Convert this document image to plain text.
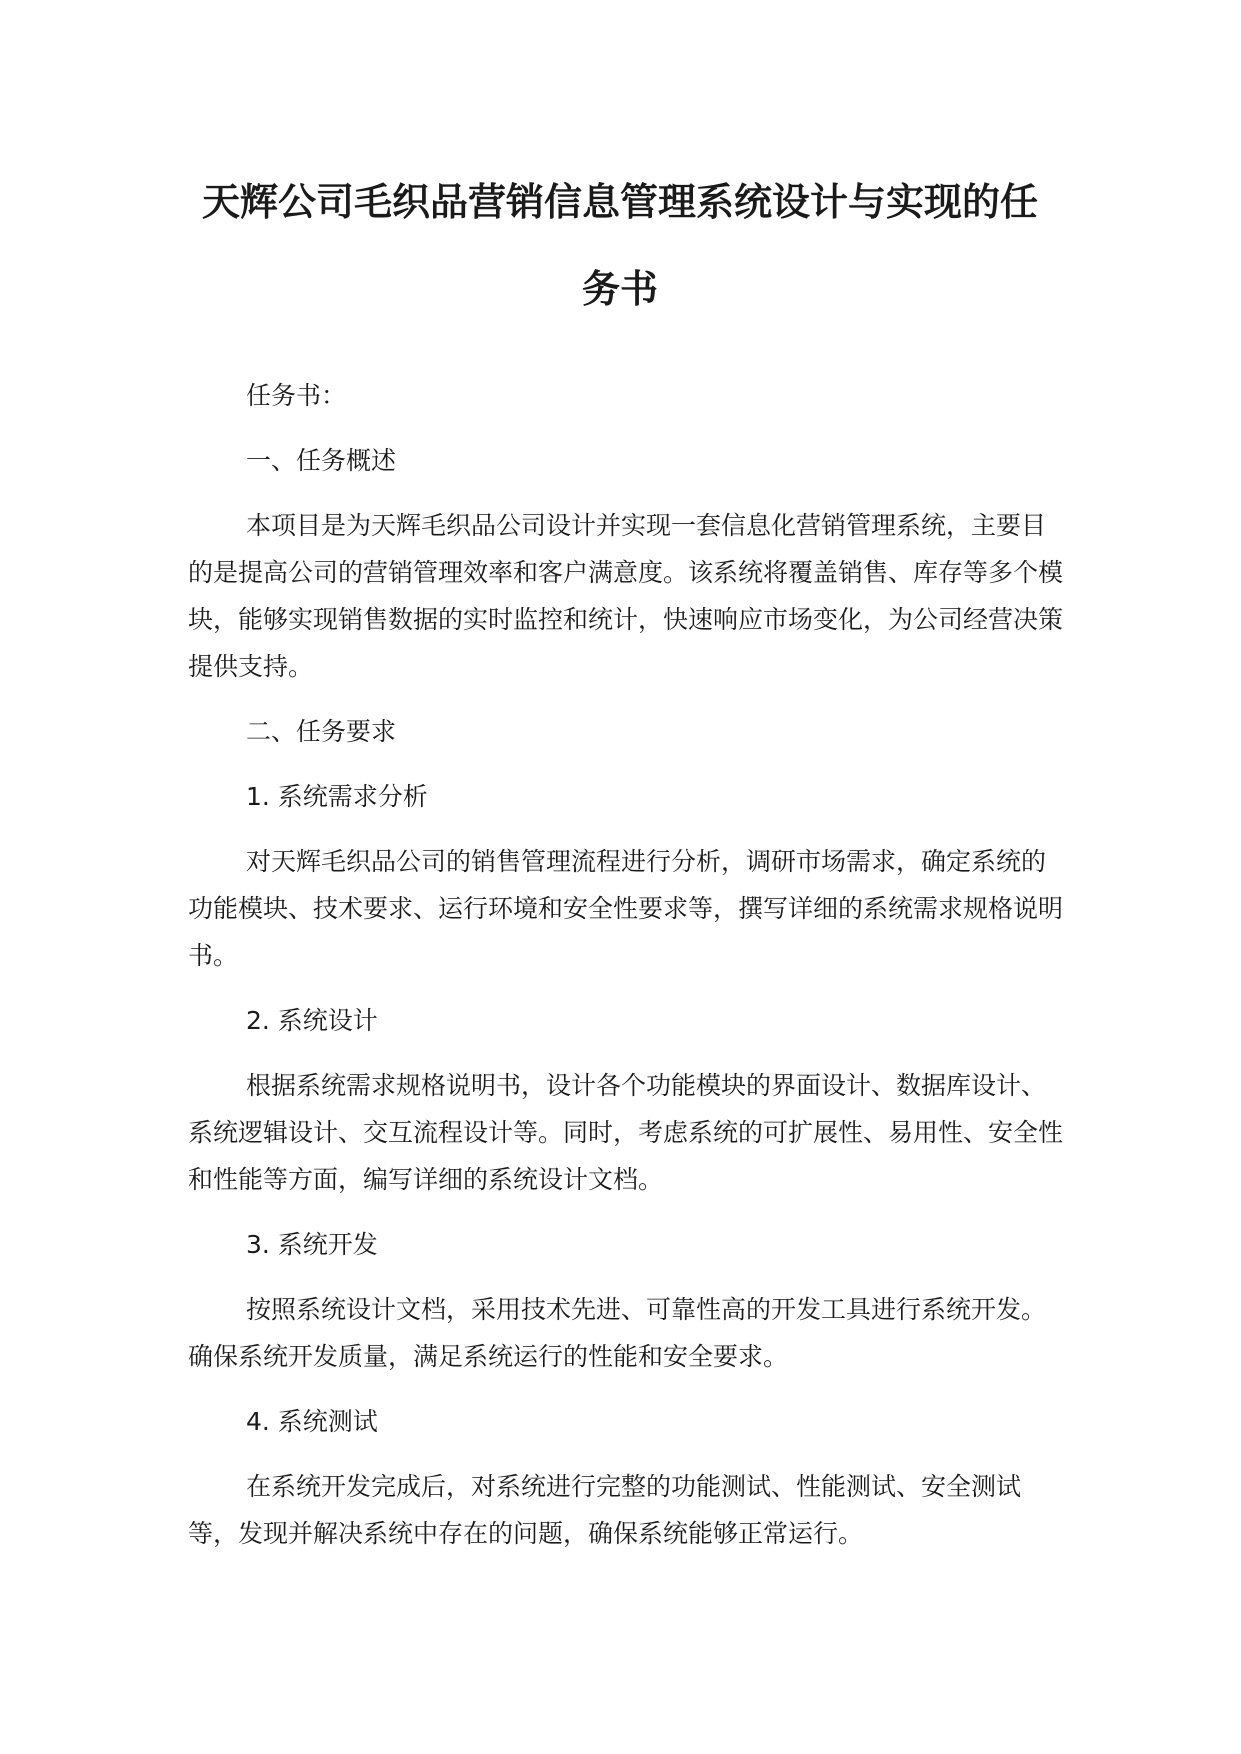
天辉公司毛织品营销信息管理系统设计与实现的任
务书

任务书：

一、任务概述

本项目是为天辉毛织品公司设计并实现一套信息化营销管理系统，主要目的是提高公司的营销管理效率和客户满意度。该系统将覆盖销售、库存等多个模块，能够实现销售数据的实时监控和统计，快速响应市场变化，为公司经营决策提供支持。

二、任务要求

1. 系统需求分析

对天辉毛织品公司的销售管理流程进行分析，调研市场需求，确定系统的功能模块、技术要求、运行环境和安全性要求等，撰写详细的系统需求规格说明书。

2. 系统设计

根据系统需求规格说明书，设计各个功能模块的界面设计、数据库设计、系统逻辑设计、交互流程设计等。同时，考虑系统的可扩展性、易用性、安全性和性能等方面，编写详细的系统设计文档。

3. 系统开发

按照系统设计文档，采用技术先进、可靠性高的开发工具进行系统开发。确保系统开发质量，满足系统运行的性能和安全要求。

4. 系统测试

在系统开发完成后，对系统进行完整的功能测试、性能测试、安全测试等，发现并解决系统中存在的问题，确保系统能够正常运行。
